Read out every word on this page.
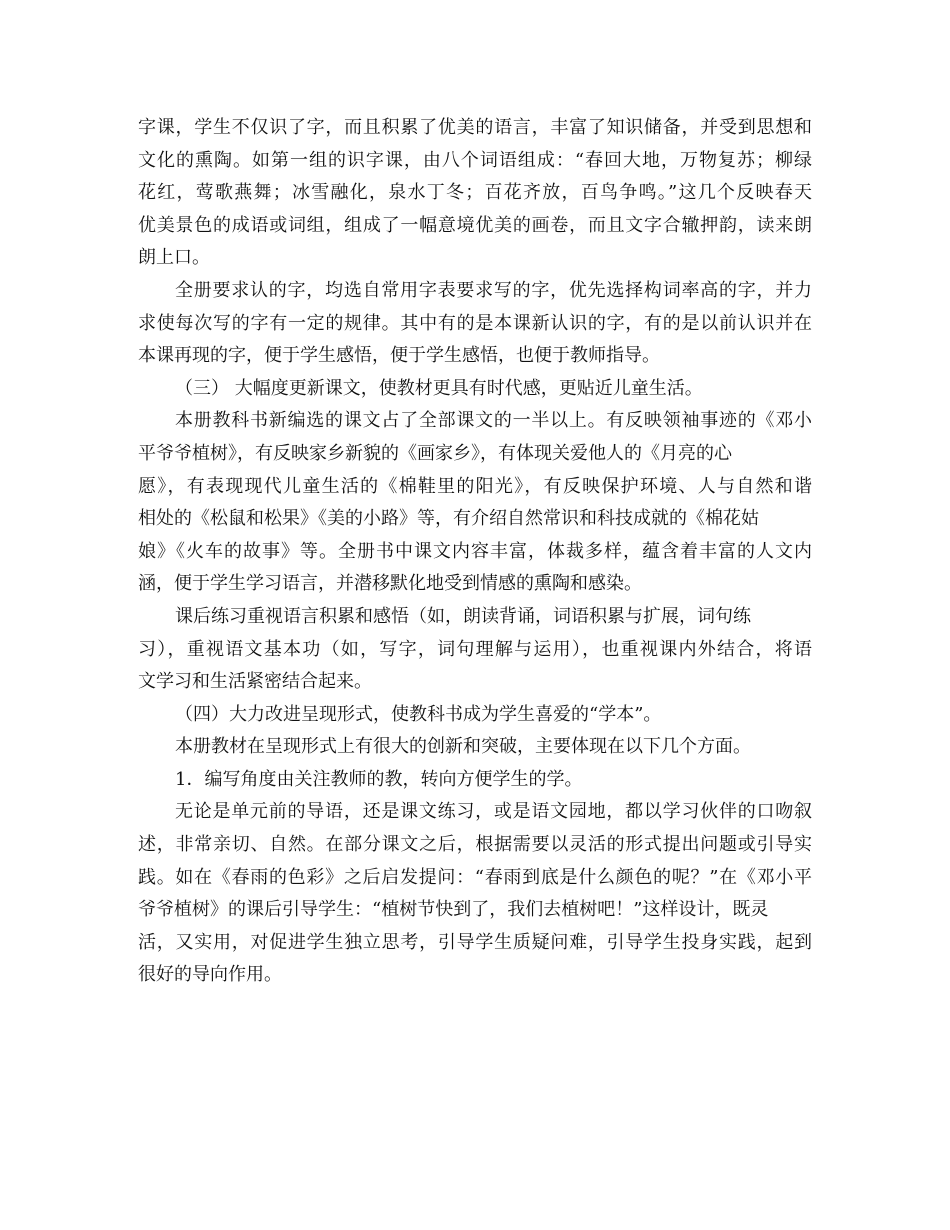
字课，学生不仅识了字，而且积累了优美的语言，丰富了知识储备，并受到思想和
文化的熏陶。如第一组的识字课，由八个词语组成：“春回大地，万物复苏；柳绿
花红，莺歌燕舞；冰雪融化，泉水丁冬；百花齐放，百鸟争鸣。”这几个反映春天
优美景色的成语或词组，组成了一幅意境优美的画卷，而且文字合辙押韵，读来朗
朗上口。
全册要求认的字，均选自常用字表要求写的字，优先选择构词率高的字，并力
求使每次写的字有一定的规律。其中有的是本课新认识的字，有的是以前认识并在
本课再现的字，便于学生感悟，便于学生感悟，也便于教师指导。
（三） 大幅度更新课文，使教材更具有时代感，更贴近儿童生活。
本册教科书新编选的课文占了全部课文的一半以上。有反映领袖事迹的《邓小
平爷爷植树》，有反映家乡新貌的《画家乡》，有体现关爱他人的《月亮的心
愿》，有表现现代儿童生活的《棉鞋里的阳光》，有反映保护环境、人与自然和谐
相处的《松鼠和松果》《美的小路》等，有介绍自然常识和科技成就的《棉花姑
娘》《火车的故事》等。全册书中课文内容丰富，体裁多样，蕴含着丰富的人文内
涵，便于学生学习语言，并潜移默化地受到情感的熏陶和感染。
课后练习重视语言积累和感悟（如，朗读背诵，词语积累与扩展，词句练
习），重视语文基本功（如，写字，词句理解与运用），也重视课内外结合，将语
文学习和生活紧密结合起来。
（四）大力改进呈现形式，使教科书成为学生喜爱的“学本”。
本册教材在呈现形式上有很大的创新和突破，主要体现在以下几个方面。
1．编写角度由关注教师的教，转向方便学生的学。
无论是单元前的导语，还是课文练习，或是语文园地，都以学习伙伴的口吻叙
述，非常亲切、自然。在部分课文之后，根据需要以灵活的形式提出问题或引导实
践。如在《春雨的色彩》之后启发提问：“春雨到底是什么颜色的呢？”在《邓小平
爷爷植树》的课后引导学生：“植树节快到了，我们去植树吧！”这样设计，既灵
活，又实用，对促进学生独立思考，引导学生质疑问难，引导学生投身实践，起到
很好的导向作用。
